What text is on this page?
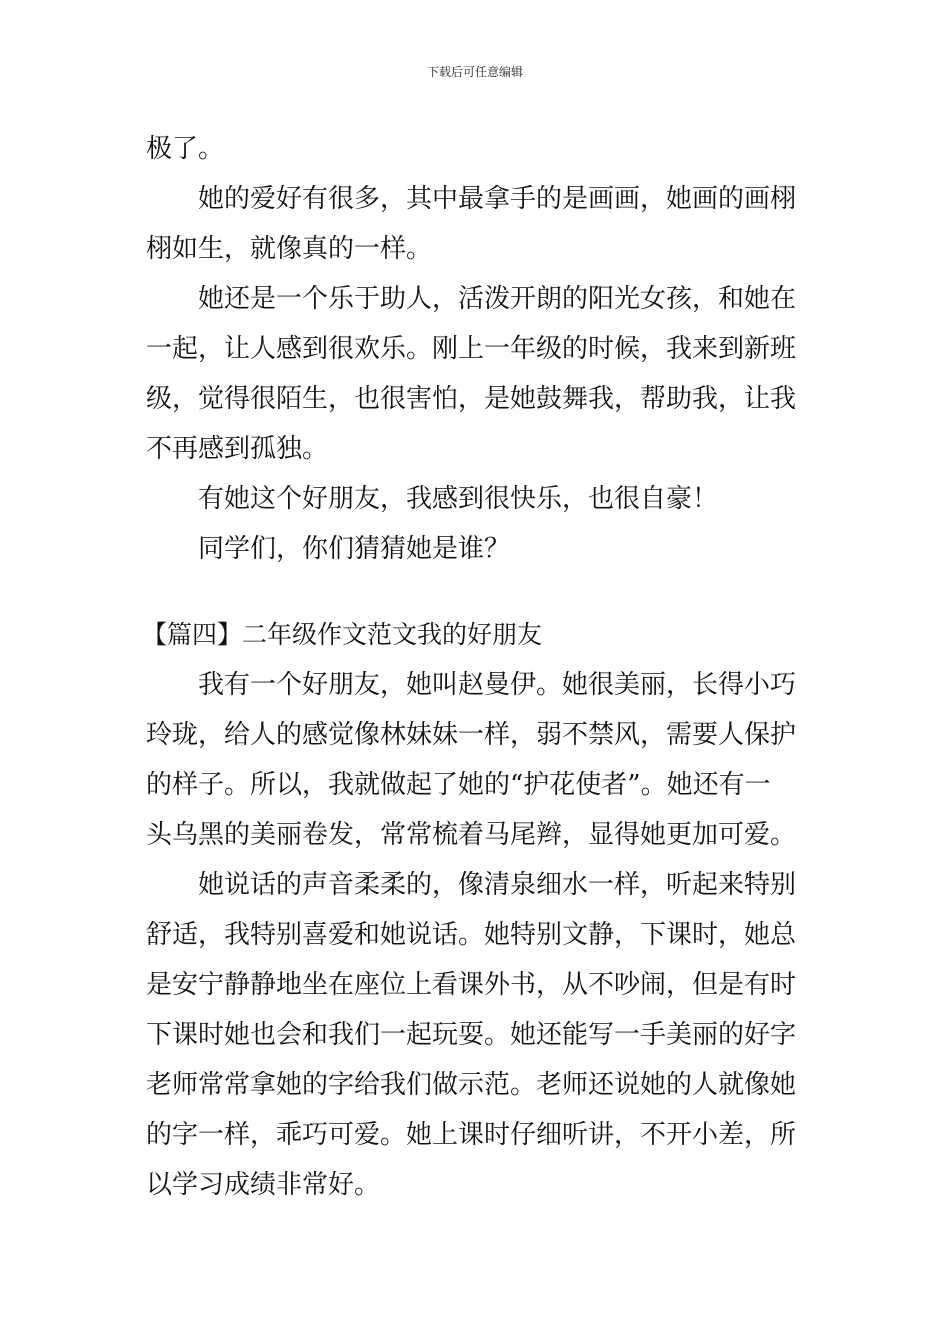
下载后可任意编辑
极了。
她的爱好有很多，其中最拿手的是画画，她画的画栩
栩如生，就像真的一样。
她还是一个乐于助人，活泼开朗的阳光女孩，和她在
一起，让人感到很欢乐。刚上一年级的时候，我来到新班
级，觉得很陌生，也很害怕，是她鼓舞我，帮助我，让我
不再感到孤独。
有她这个好朋友，我感到很快乐，也很自豪！
同学们，你们猜猜她是谁？
【篇四】二年级作文范文我的好朋友
我有一个好朋友，她叫赵曼伊。她很美丽，长得小巧
玲珑，给人的感觉像林妹妹一样，弱不禁风，需要人保护
的样子。所以，我就做起了她的“护花使者”。她还有一
头乌黑的美丽卷发，常常梳着马尾辫，显得她更加可爱。
她说话的声音柔柔的，像清泉细水一样，听起来特别
舒适，我特别喜爱和她说话。她特别文静，下课时，她总
是安宁静静地坐在座位上看课外书，从不吵闹，但是有时
下课时她也会和我们一起玩耍。她还能写一手美丽的好字
老师常常拿她的字给我们做示范。老师还说她的人就像她
的字一样，乖巧可爱。她上课时仔细听讲，不开小差，所
以学习成绩非常好。
